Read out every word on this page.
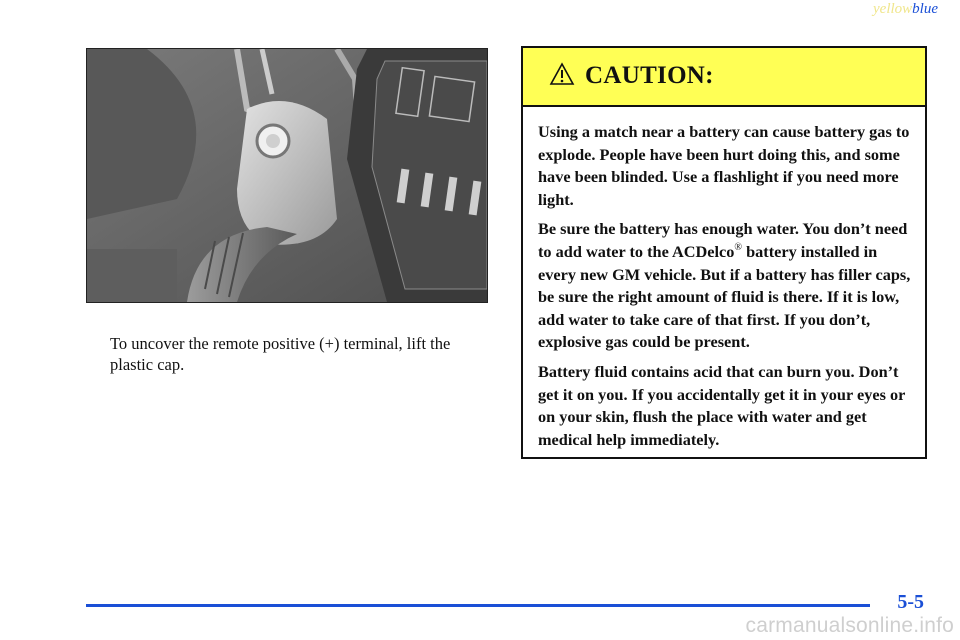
yellowblue

To uncover the remote positive (+) terminal, lift the plastic cap.

CAUTION:

Using a match near a battery can cause battery gas to explode. People have been hurt doing this, and some have been blinded. Use a flashlight if you need more light.

Be sure the battery has enough water. You don’t need to add water to the ACDelco® battery installed in every new GM vehicle. But if a battery has filler caps, be sure the right amount of fluid is there. If it is low, add water to take care of that first. If you don’t, explosive gas could be present.

Battery fluid contains acid that can burn you. Don’t get it on you. If you accidentally get it in your eyes or on your skin, flush the place with water and get medical help immediately.

5-5
carmanualsonline.info
